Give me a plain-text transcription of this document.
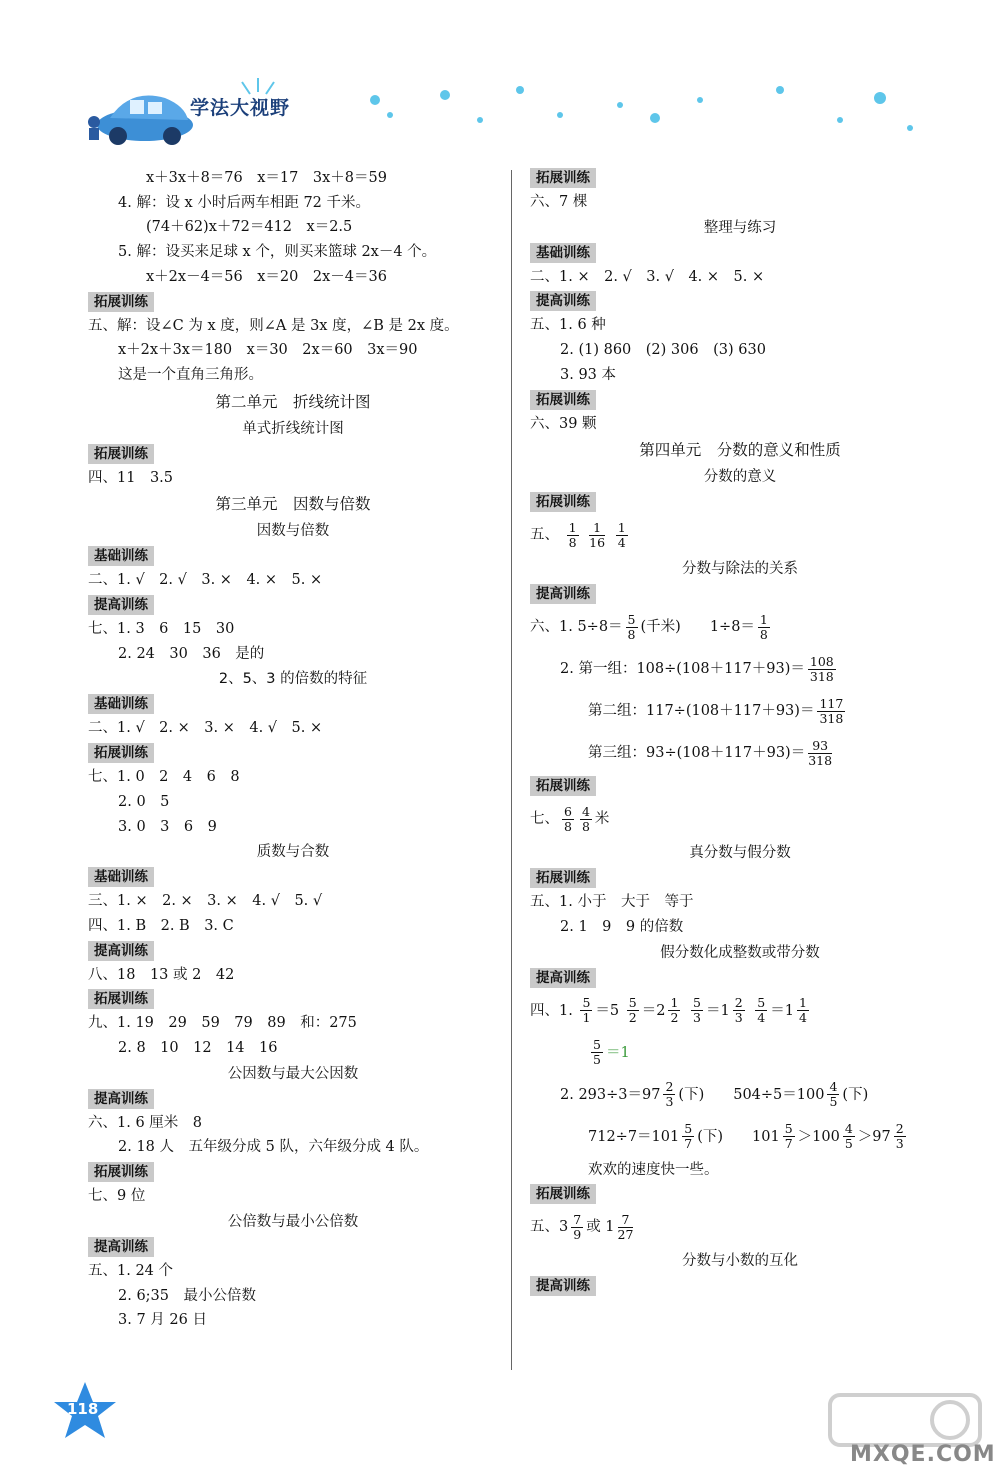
学法大视野
x＋3x＋8＝76　x＝17　3x＋8＝59
4. 解：设 x 小时后两车相距 72 千米。
(74＋62)x＋72＝412　x＝2.5
5. 解：设买来足球 x 个，则买来篮球 2x－4 个。
x＋2x－4＝56　x＝20　2x－4＝36
拓展训练
五、解：设∠C 为 x 度，则∠A 是 3x 度，∠B 是 2x 度。
x＋2x＋3x＝180　x＝30　2x＝60　3x＝90
这是一个直角三角形。
第二单元　折线统计图
单式折线统计图
拓展训练
四、11　3.5
第三单元　因数与倍数
因数与倍数
基础训练
二、1. √　2. √　3. ×　4. ×　5. ×
提高训练
七、1. 3　6　15　30
2. 24　30　36　是的
2、5、3 的倍数的特征
基础训练
二、1. √　2. ×　3. ×　4. √　5. ×
拓展训练
七、1. 0　2　4　6　8
2. 0　5
3. 0　3　6　9
质数与合数
基础训练
三、1. ×　2. ×　3. ×　4. √　5. √
四、1. B　2. B　3. C
提高训练
八、18　13 或 2　42
拓展训练
九、1. 19　29　59　79　89　和：275
2. 8　10　12　14　16
公因数与最大公因数
提高训练
六、1. 6 厘米　8
2. 18 人　五年级分成 5 队，六年级分成 4 队。
拓展训练
七、9 位
公倍数与最小公倍数
提高训练
五、1. 24 个
2. 6;35　最小公倍数
3. 7 月 26 日
拓展训练
六、7 棵
整理与练习
基础训练
二、1. ×　2. √　3. √　4. ×　5. ×
提高训练
五、1. 6 种
2. (1) 860　(2) 306　(3) 630
3. 93 本
拓展训练
六、39 颗
第四单元　分数的意义和性质
分数的意义
拓展训练
五、 $\frac{1}{8}$
$\frac{1}{16}$
$\frac{1}{4}$
分数与除法的关系
提高训练
六、1. $5\div 8= \frac{5}{8}$ (千米)　　$1\div 8= \frac{1}{8}$
2. 第一组：$108\div(108+117+93)= \frac{108}{318}$
第二组：$117\div(108+117+93)= \frac{117}{318}$
第三组：$93\div(108+117+93)= \frac{93}{318}$
拓展训练
七、 $\frac{6}{8} \frac{4}{8}$ 米
真分数与假分数
拓展训练
五、1. 小于　大于　等于
2. 1　9　9 的倍数
假分数化成整数或带分数
提高训练
四、1. $\frac{5}{1} =5 \frac{5}{2} =2 \frac{1}{2}$
$\frac{5}{3} =1 \frac{2}{3}$
$\frac{5}{4} =1 \frac{1}{4}$
$\frac{5}{5} =1$
2. $293\div 3=97 \frac{2}{3}$ (下)　　$504\div 5=100 \frac{4}{5}$ (下)
$712\div 7=101 \frac{5}{7}$ (下)　　$101 \frac{5}{7} >100 \frac{4}{5} >97 \frac{2}{3}$
欢欢的速度快一些。
拓展训练
五、$3 \frac{7}{9}$ 或 $1 \frac{7}{27}$
分数与小数的互化
提高训练
118
MXQE.COM
